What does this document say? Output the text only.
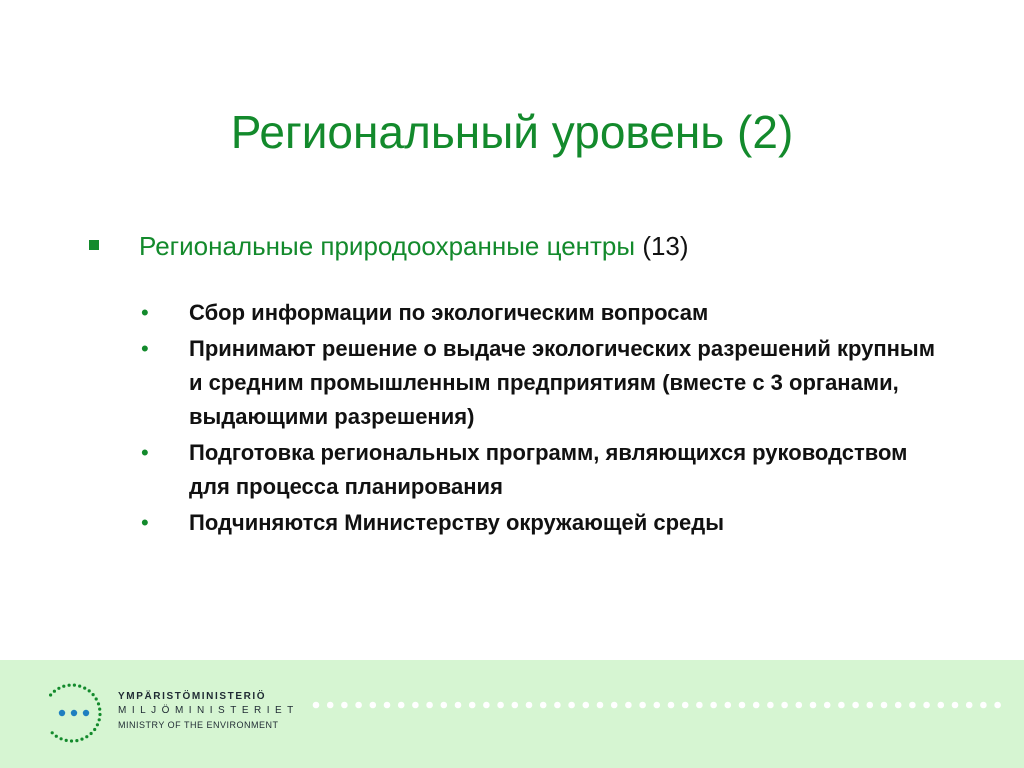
Региональный уровень (2)
Региональные природоохранные центры (13)
• Сбор информации по экологическим вопросам
• Принимают решение о выдаче экологических разрешений крупным и средним промышленным предприятиям (вместе с 3 органами, выдающими разрешения)
• Подготовка региональных программ, являющихся руководством для процесса планирования
• Подчиняются Министерству окружающей среды
YMPÄRISTÖMINISTERIÖ
MILJÖMINISTERIET
MINISTRY OF THE ENVIRONMENT
